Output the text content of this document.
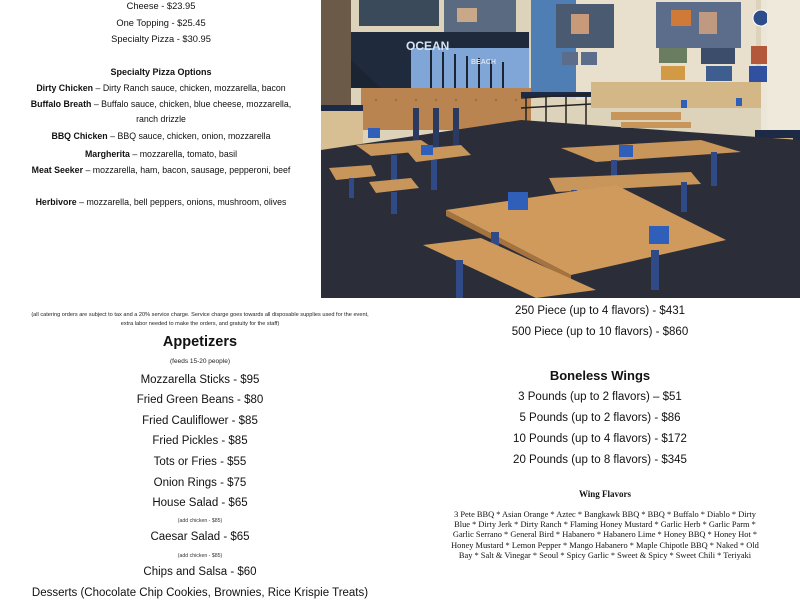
Cheese - $23.95
One Topping - $25.45
Specialty Pizza - $30.95
Specialty Pizza Options
Dirty Chicken – Dirty Ranch sauce, chicken, mozzarella, bacon
Buffalo Breath – Buffalo sauce, chicken, blue cheese, mozzarella, ranch drizzle
BBQ Chicken – BBQ sauce, chicken, onion, mozzarella
Margherita – mozzarella, tomato, basil
Meat Seeker – mozzarella, ham, bacon, sausage, pepperoni, beef
Herbivore – mozzarella, bell peppers, onions, mushroom, olives
OCEAN
BEACH
(all catering orders are subject to tax and a 20% service charge. Service charge goes towards all disposable supplies used for the event, extra labor needed to make the orders, and gratuity for the staff)
Appetizers
(feeds 15-20 people)
Mozzarella Sticks - $95
Fried Green Beans - $80
Fried Cauliflower - $85
Fried Pickles - $85
Tots or Fries - $55
Onion Rings - $75
House Salad - $65
(add chicken - $85)
Caesar Salad - $65
(add chicken - $85)
Chips and Salsa - $60
Desserts (Chocolate Chip Cookies, Brownies, Rice Krispie Treats)
250 Piece (up to 4 flavors) - $431
500 Piece (up to 10 flavors) - $860
Boneless Wings
3 Pounds (up to 2 flavors) – $51
5 Pounds (up to 2 flavors) - $86
10 Pounds (up to 4 flavors) - $172
20 Pounds (up to 8 flavors) - $345
Wing Flavors
3 Pete BBQ * Asian Orange * Aztec * Bangkawk BBQ * BBQ * Buffalo * Diablo * Dirty Blue * Dirty Jerk * Dirty Ranch * Flaming Honey Mustard * Garlic Herb * Garlic Parm * Garlic Serrano * General Bird * Habanero * Habanero Lime * Honey BBQ * Honey Hot * Honey Mustard * Lemon Pepper * Mango Habanero * Maple Chipotle BBQ * Naked * Old Bay * Salt & Vinegar * Seoul * Spicy Garlic * Sweet & Spicy * Sweet Chili * Teriyaki
